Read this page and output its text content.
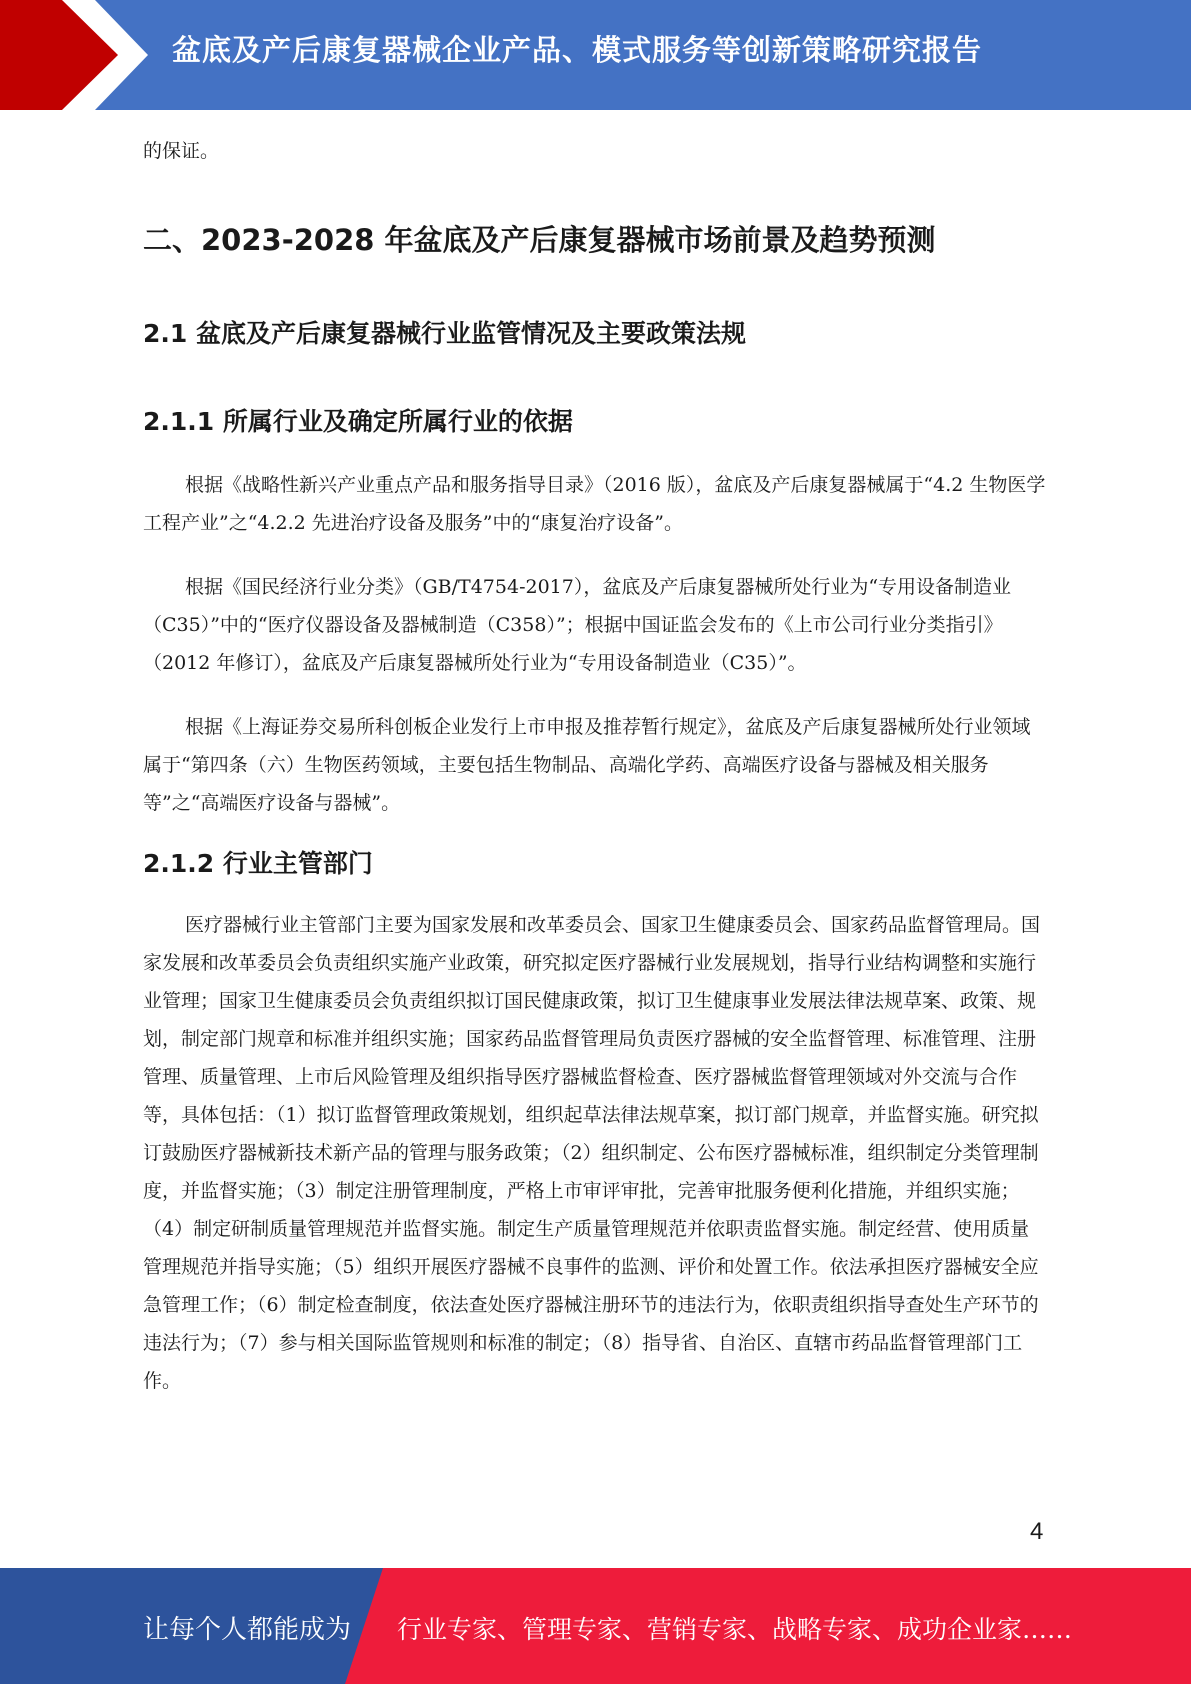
盆底及产后康复器械企业产品、模式服务等创新策略研究报告

的保证。

二、2023-2028 年盆底及产后康复器械市场前景及趋势预测
2.1 盆底及产后康复器械行业监管情况及主要政策法规
2.1.1 所属行业及确定所属行业的依据

根据《战略性新兴产业重点产品和服务指导目录》（2016 版），盆底及产后康复器械属于“4.2 生物医学工程产业”之“4.2.2 先进治疗设备及服务”中的“康复治疗设备”。

根据《国民经济行业分类》（GB/T4754-2017），盆底及产后康复器械所处行业为“专用设备制造业（C35）”中的“医疗仪器设备及器械制造（C358）”；根据中国证监会发布的《上市公司行业分类指引》（2012 年修订），盆底及产后康复器械所处行业为“专用设备制造业（C35）”。

根据《上海证券交易所科创板企业发行上市申报及推荐暂行规定》，盆底及产后康复器械所处行业领域属于“第四条（六）生物医药领域，主要包括生物制品、高端化学药、高端医疗设备与器械及相关服务等”之“高端医疗设备与器械”。

2.1.2 行业主管部门

医疗器械行业主管部门主要为国家发展和改革委员会、国家卫生健康委员会、国家药品监督管理局。国家发展和改革委员会负责组织实施产业政策，研究拟定医疗器械行业发展规划，指导行业结构调整和实施行业管理；国家卫生健康委员会负责组织拟订国民健康政策，拟订卫生健康事业发展法律法规草案、政策、规划，制定部门规章和标准并组织实施；国家药品监督管理局负责医疗器械的安全监督管理、标准管理、注册管理、质量管理、上市后风险管理及组织指导医疗器械监督检查、医疗器械监督管理领域对外交流与合作等，具体包括：（1）拟订监督管理政策规划，组织起草法律法规草案，拟订部门规章，并监督实施。研究拟订鼓励医疗器械新技术新产品的管理与服务政策；（2）组织制定、公布医疗器械标准，组织制定分类管理制度，并监督实施；（3）制定注册管理制度，严格上市审评审批，完善审批服务便利化措施，并组织实施；（4）制定研制质量管理规范并监督实施。制定生产质量管理规范并依职责监督实施。制定经营、使用质量管理规范并指导实施；（5）组织开展医疗器械不良事件的监测、评价和处置工作。依法承担医疗器械安全应急管理工作；（6）制定检查制度，依法查处医疗器械注册环节的违法行为，依职责组织指导查处生产环节的违法行为；（7）参与相关国际监管规则和标准的制定；（8）指导省、自治区、直辖市药品监督管理部门工作。

4
让每个人都能成为 行业专家、管理专家、营销专家、战略专家、成功企业家……
